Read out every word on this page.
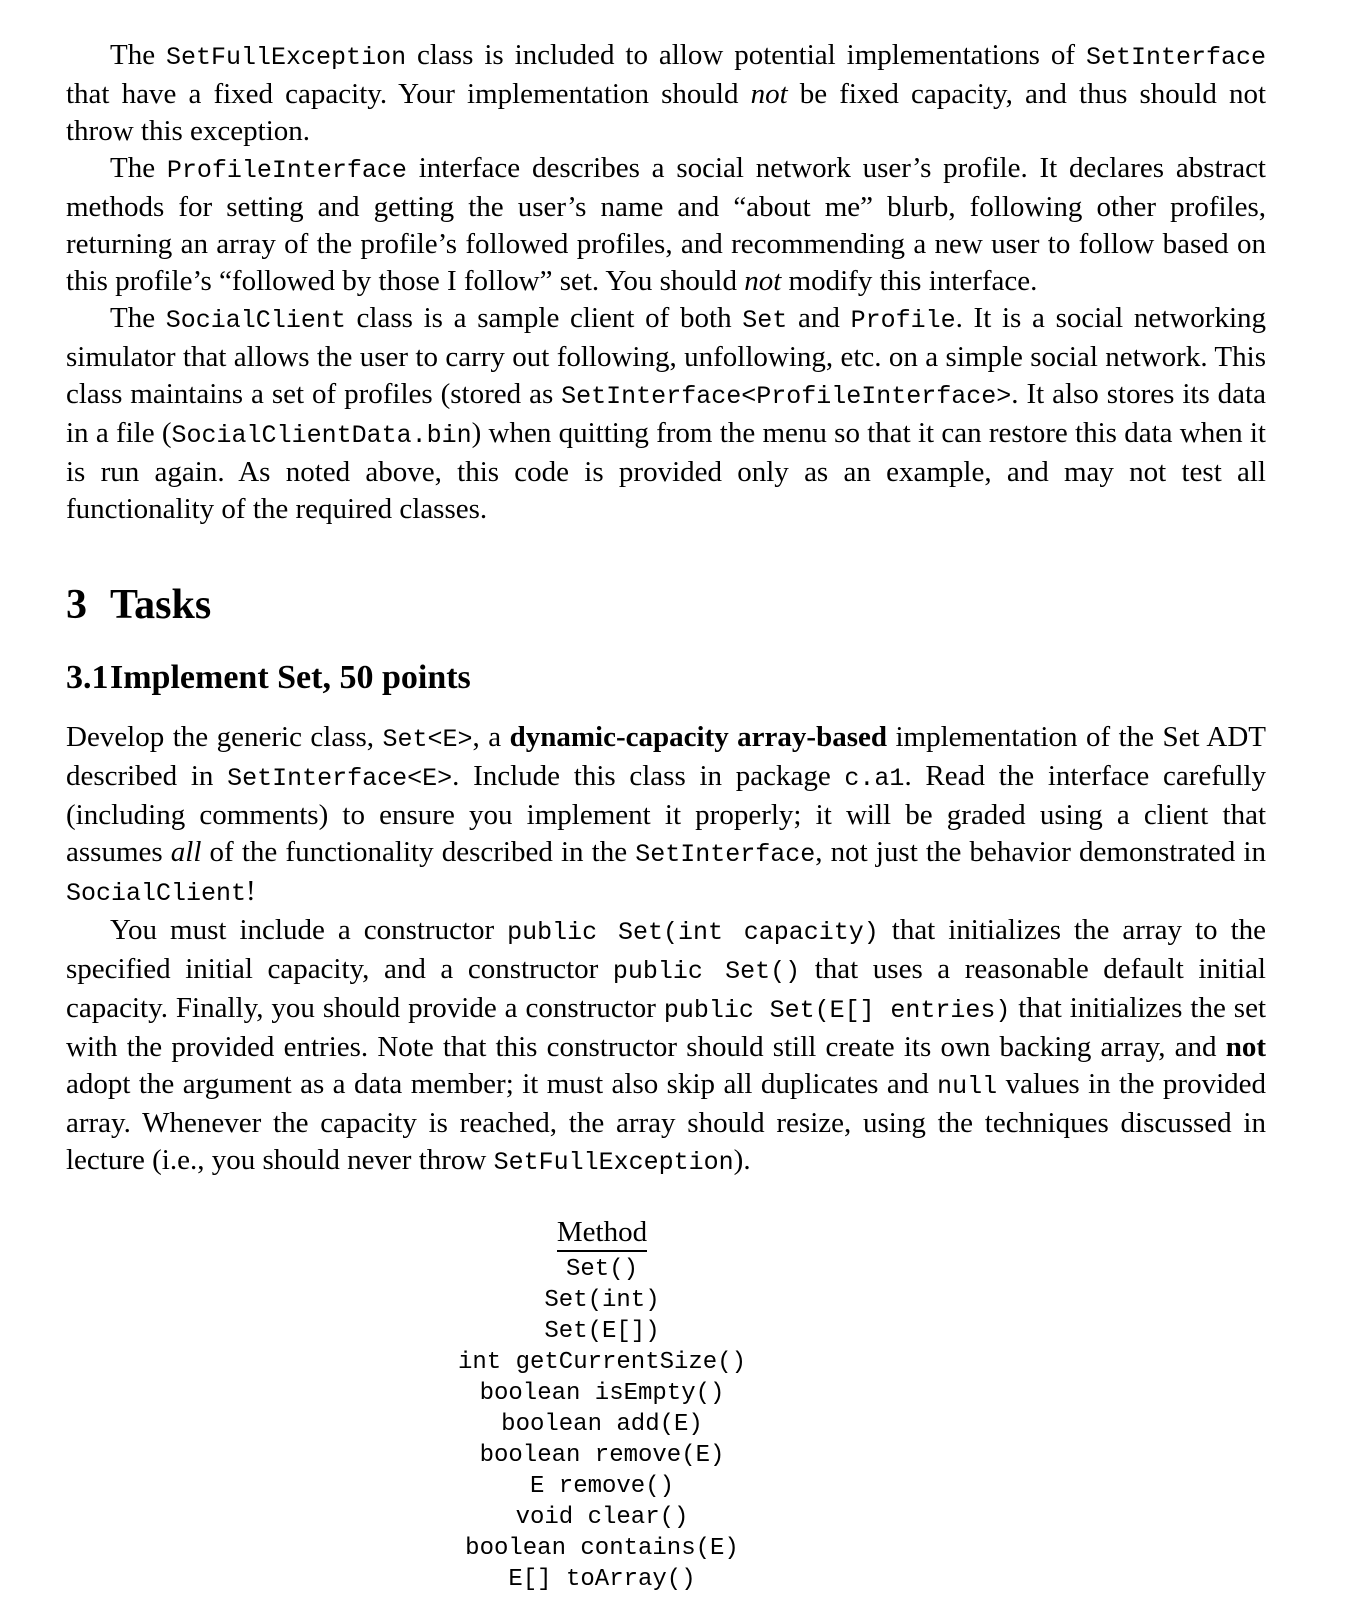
The SetFullException class is included to allow potential implementations of SetInterface that have a fixed capacity. Your implementation should not be fixed capacity, and thus should not throw this exception.

The ProfileInterface interface describes a social network user’s profile. It declares abstract methods for setting and getting the user’s name and “about me” blurb, following other profiles, returning an array of the profile’s followed profiles, and recommending a new user to follow based on this profile’s “followed by those I follow” set. You should not modify this interface.

The SocialClient class is a sample client of both Set and Profile. It is a social networking simulator that allows the user to carry out following, unfollowing, etc. on a simple social network. This class maintains a set of profiles (stored as SetInterface<ProfileInterface>. It also stores its data in a file (SocialClientData.bin) when quitting from the menu so that it can restore this data when it is run again. As noted above, this code is provided only as an example, and may not test all functionality of the required classes.

3 Tasks
3.1Implement Set, 50 points

Develop the generic class, Set<E>, a dynamic-capacity array-based implementation of the Set ADT described in SetInterface<E>. Include this class in package c.a1. Read the interface carefully (including comments) to ensure you implement it properly; it will be graded using a client that assumes all of the functionality described in the SetInterface, not just the behavior demonstrated in SocialClient!

You must include a constructor public Set(int capacity) that initializes the array to the specified initial capacity, and a constructor public Set() that uses a reasonable default initial capacity. Finally, you should provide a constructor public Set(E[] entries) that initializes the set with the provided entries. Note that this constructor should still create its own backing array, and not adopt the argument as a data member; it must also skip all duplicates and null values in the provided array. Whenever the capacity is reached, the array should resize, using the techniques discussed in lecture (i.e., you should never throw SetFullException).

Method
Set()
Set(int)
Set(E[])
int getCurrentSize()
boolean isEmpty()
boolean add(E)
boolean remove(E)
E remove()
void clear()
boolean contains(E)
E[] toArray()
